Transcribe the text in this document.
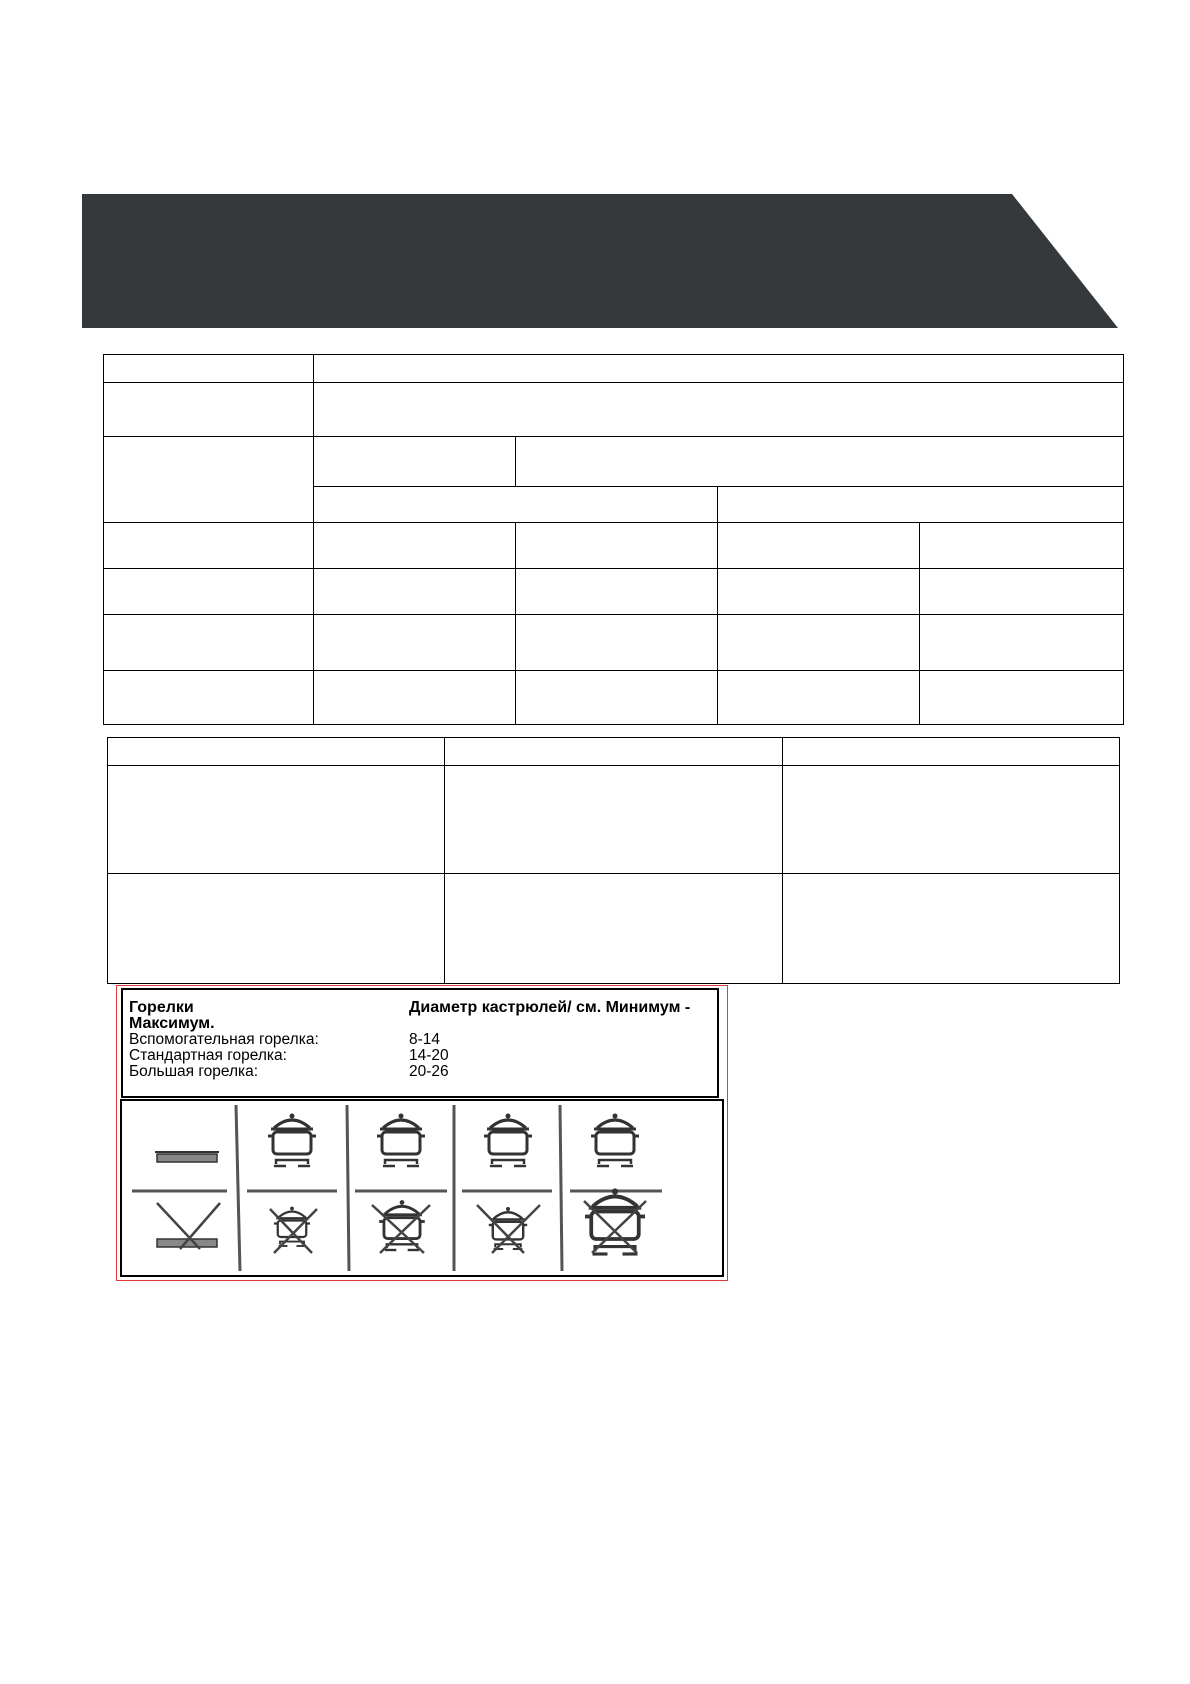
Горелки	Диаметр кастрюлей/ см. Минимум -
Максимум.
Вспомогательная горелка:	8-14
Стандартная горелка:	14-20
Большая горелка:	20-26
